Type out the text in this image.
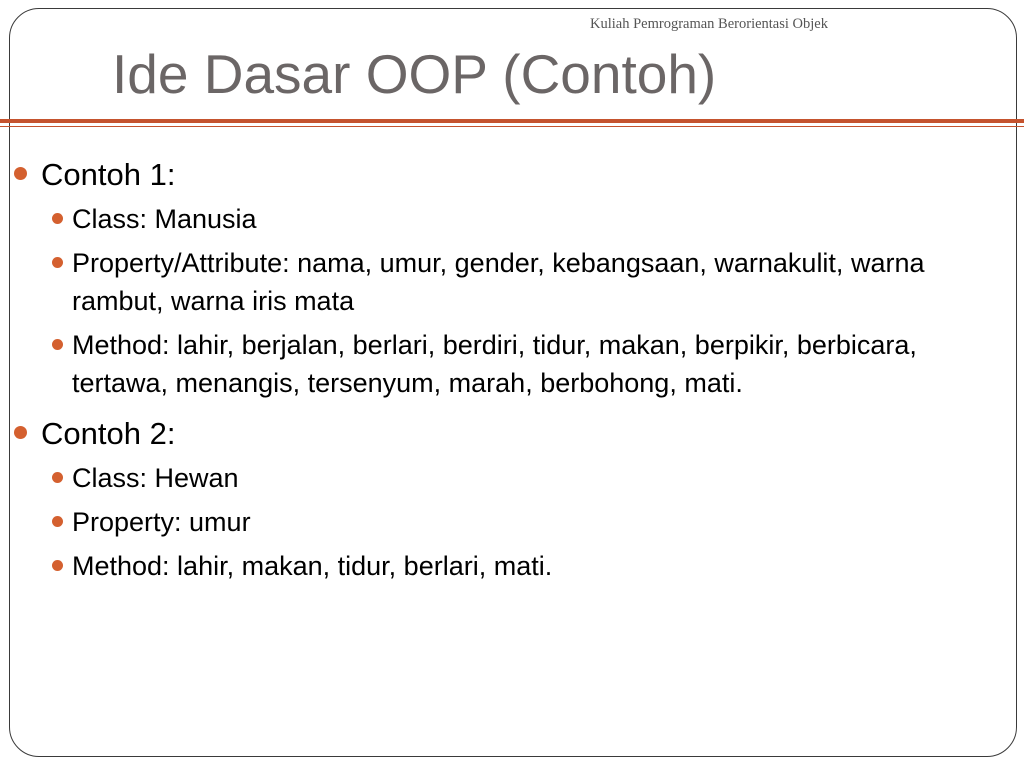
Kuliah Pemrograman Berorientasi Objek
Ide Dasar OOP (Contoh)
Contoh 1:
Class: Manusia
Property/Attribute: nama, umur, gender, kebangsaan, warnakulit, warna rambut, warna iris mata
Method: lahir, berjalan, berlari, berdiri, tidur, makan, berpikir, berbicara, tertawa, menangis, tersenyum, marah, berbohong, mati.
Contoh 2:
Class: Hewan
Property: umur
Method: lahir, makan, tidur, berlari, mati.
